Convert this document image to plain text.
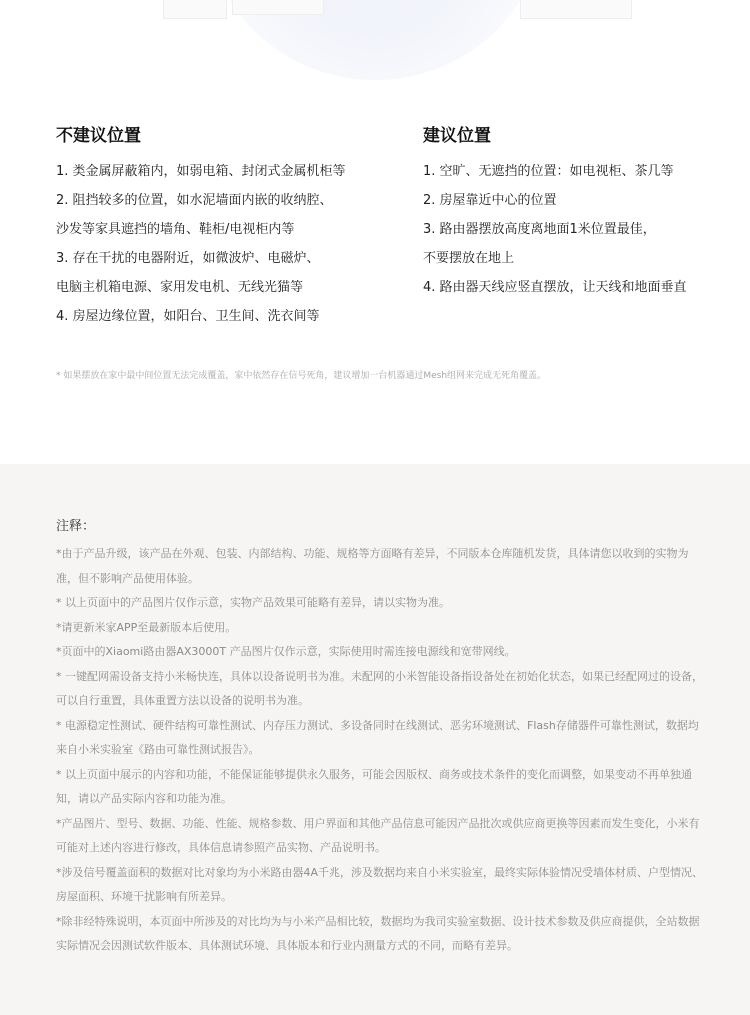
不建议位置
1. 类金属屏蔽箱内，如弱电箱、封闭式金属机柜等
2. 阻挡较多的位置，如水泥墙面内嵌的收纳腔、
沙发等家具遮挡的墙角、鞋柜/电视柜内等
3. 存在干扰的电器附近，如微波炉、电磁炉、
电脑主机箱电源、家用发电机、无线光猫等
4. 房屋边缘位置，如阳台、卫生间、洗衣间等
建议位置
1. 空旷、无遮挡的位置：如电视柜、茶几等
2. 房屋靠近中心的位置
3. 路由器摆放高度离地面1米位置最佳，
不要摆放在地上
4. 路由器天线应竖直摆放，让天线和地面垂直
* 如果摆放在家中最中间位置无法完成覆盖，家中依然存在信号死角，建议增加一台机器通过Mesh组网来完成无死角覆盖。
注释：
*由于产品升级，该产品在外观、包装、内部结构、功能、规格等方面略有差异，不同版本仓库随机发货，具体请您以收到的实物为准，但不影响产品使用体验。
* 以上页面中的产品图片仅作示意，实物产品效果可能略有差异，请以实物为准。
*请更新米家APP至最新版本后使用。
*页面中的Xiaomi路由器AX3000T 产品图片仅作示意，实际使用时需连接电源线和宽带网线。
* 一键配网需设备支持小米畅快连，具体以设备说明书为准。未配网的小米智能设备指设备处在初始化状态，如果已经配网过的设备，可以自行重置，具体重置方法以设备的说明书为准。
* 电源稳定性测试、硬件结构可靠性测试、内存压力测试、多设备同时在线测试、恶劣环境测试、Flash存储器件可靠性测试，数据均来自小米实验室《路由可靠性测试报告》。
* 以上页面中展示的内容和功能，不能保证能够提供永久服务，可能会因版权、商务或技术条件的变化而调整，如果变动不再单独通知，请以产品实际内容和功能为准。
*产品图片、型号、数据、功能、性能、规格参数、用户界面和其他产品信息可能因产品批次或供应商更换等因素而发生变化，小米有可能对上述内容进行修改，具体信息请参照产品实物、产品说明书。
*涉及信号覆盖面积的数据对比对象均为小米路由器4A千兆，涉及数据均来自小米实验室，最终实际体验情况受墙体材质、户型情况、房屋面积、环境干扰影响有所差异。
*除非经特殊说明，本页面中所涉及的对比均为与小米产品相比较，数据均为我司实验室数据、设计技术参数及供应商提供，全站数据实际情况会因测试软件版本、具体测试环境、具体版本和行业内测量方式的不同，而略有差异。
